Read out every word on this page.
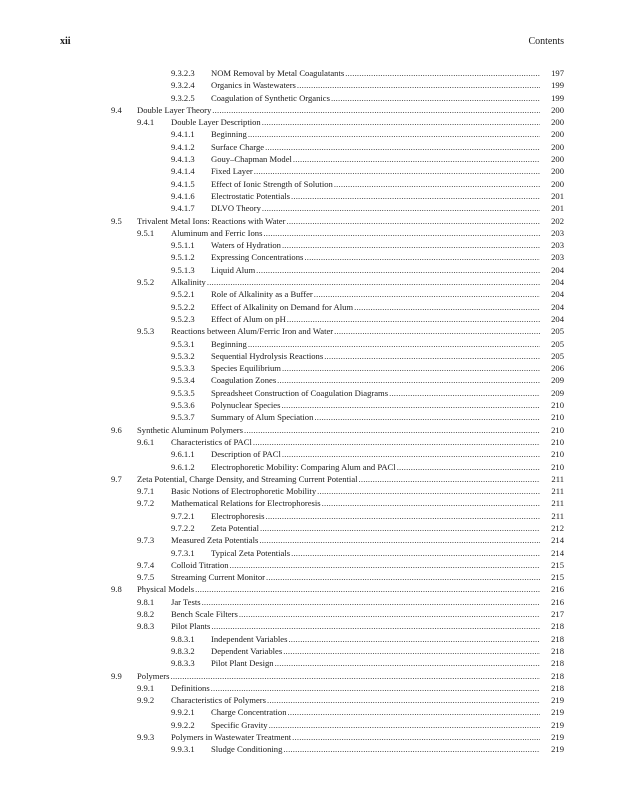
xii	Contents
9.3.2.3 NOM Removal by Metal Coagulatants .....	197
9.3.2.4 Organics in Wastewaters .....	199
9.3.2.5 Coagulation of Synthetic Organics .....	199
9.4 Double Layer Theory .....	200
9.4.1 Double Layer Description .....	200
9.4.1.1 Beginning .....	200
9.4.1.2 Surface Charge .....	200
9.4.1.3 Gouy–Chapman Model .....	200
9.4.1.4 Fixed Layer .....	200
9.4.1.5 Effect of Ionic Strength of Solution .....	200
9.4.1.6 Electrostatic Potentials .....	201
9.4.1.7 DLVO Theory .....	201
9.5 Trivalent Metal Ions: Reactions with Water .....	202
9.5.1 Aluminum and Ferric Ions .....	203
9.5.1.1 Waters of Hydration .....	203
9.5.1.2 Expressing Concentrations .....	203
9.5.1.3 Liquid Alum .....	204
9.5.2 Alkalinity .....	204
9.5.2.1 Role of Alkalinity as a Buffer .....	204
9.5.2.2 Effect of Alkalinity on Demand for Alum .....	204
9.5.2.3 Effect of Alum on pH .....	204
9.5.3 Reactions between Alum/Ferric Iron and Water .....	205
9.5.3.1 Beginning .....	205
9.5.3.2 Sequential Hydrolysis Reactions .....	205
9.5.3.3 Species Equilibrium .....	206
9.5.3.4 Coagulation Zones .....	209
9.5.3.5 Spreadsheet Construction of Coagulation Diagrams .....	209
9.5.3.6 Polynuclear Species .....	210
9.5.3.7 Summary of Alum Speciation .....	210
9.6 Synthetic Aluminum Polymers .....	210
9.6.1 Characteristics of PACl .....	210
9.6.1.1 Description of PACl .....	210
9.6.1.2 Electrophoretic Mobility: Comparing Alum and PACl .....	210
9.7 Zeta Potential, Charge Density, and Streaming Current Potential .....	211
9.7.1 Basic Notions of Electrophoretic Mobility .....	211
9.7.2 Mathematical Relations for Electrophoresis .....	211
9.7.2.1 Electrophoresis .....	211
9.7.2.2 Zeta Potential .....	212
9.7.3 Measured Zeta Potentials .....	214
9.7.3.1 Typical Zeta Potentials .....	214
9.7.4 Colloid Titration .....	215
9.7.5 Streaming Current Monitor .....	215
9.8 Physical Models .....	216
9.8.1 Jar Tests .....	216
9.8.2 Bench Scale Filters .....	217
9.8.3 Pilot Plants .....	218
9.8.3.1 Independent Variables .....	218
9.8.3.2 Dependent Variables .....	218
9.8.3.3 Pilot Plant Design .....	218
9.9 Polymers .....	218
9.9.1 Definitions .....	218
9.9.2 Characteristics of Polymers .....	219
9.9.2.1 Charge Concentration .....	219
9.9.2.2 Specific Gravity .....	219
9.9.3 Polymers in Wastewater Treatment .....	219
9.9.3.1 Sludge Conditioning .....	219
